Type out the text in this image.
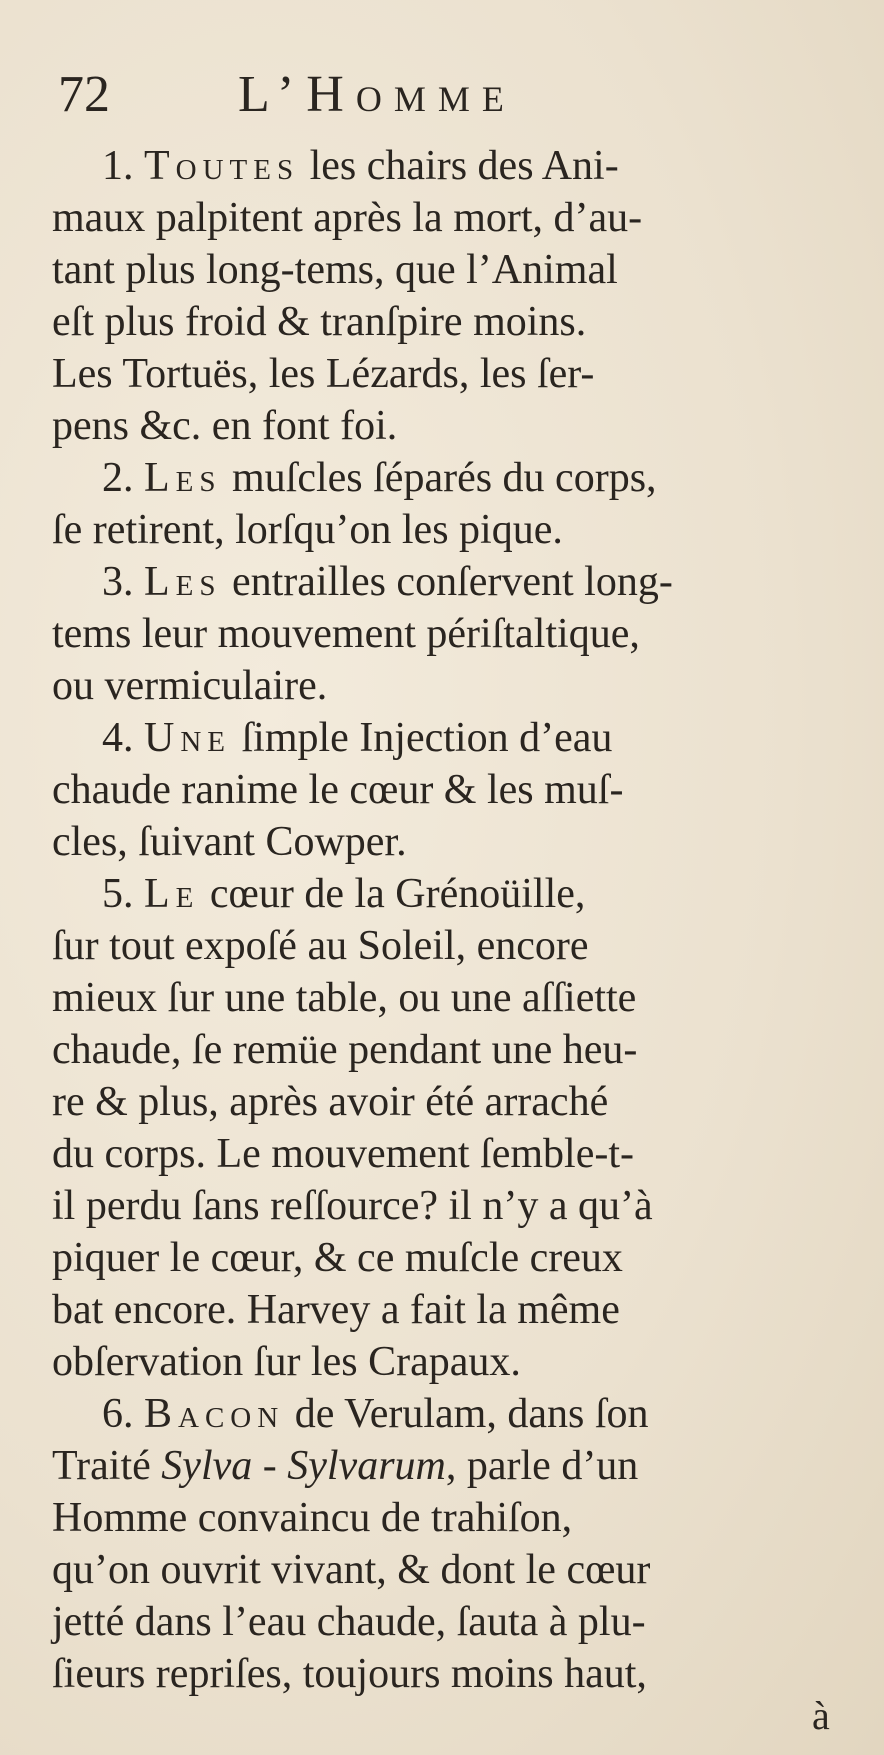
72 L’Homme
1. Toutes les chairs des Ani-
maux palpitent après la mort, d’au-
tant plus long-tems, que l’Animal
eſt plus froid & tranſpire moins.
Les Tortuës, les Lézards, les ſer-
pens &c. en font foi.
2. Les muſcles ſéparés du corps,
ſe retirent, lorſqu’on les pique.
3. Les entrailles conſervent long-
tems leur mouvement périſtaltique,
ou vermiculaire.
4. Une ſimple Injection d’eau
chaude ranime le cœur & les muſ-
cles, ſuivant Cowper.
5. Le cœur de la Grénoüille,
ſur tout expoſé au Soleil, encore
mieux ſur une table, ou une aſſiette
chaude, ſe remüe pendant une heu-
re & plus, après avoir été arraché
du corps. Le mouvement ſemble-t-
il perdu ſans reſſource? il n’y a qu’à
piquer le cœur, & ce muſcle creux
bat encore. Harvey a fait la même
obſervation ſur les Crapaux.
6. Bacon de Verulam, dans ſon
Traité Sylva - Sylvarum, parle d’un
Homme convaincu de trahiſon,
qu’on ouvrit vivant, & dont le cœur
jetté dans l’eau chaude, ſauta à plu-
ſieurs repriſes, toujours moins haut,
à
